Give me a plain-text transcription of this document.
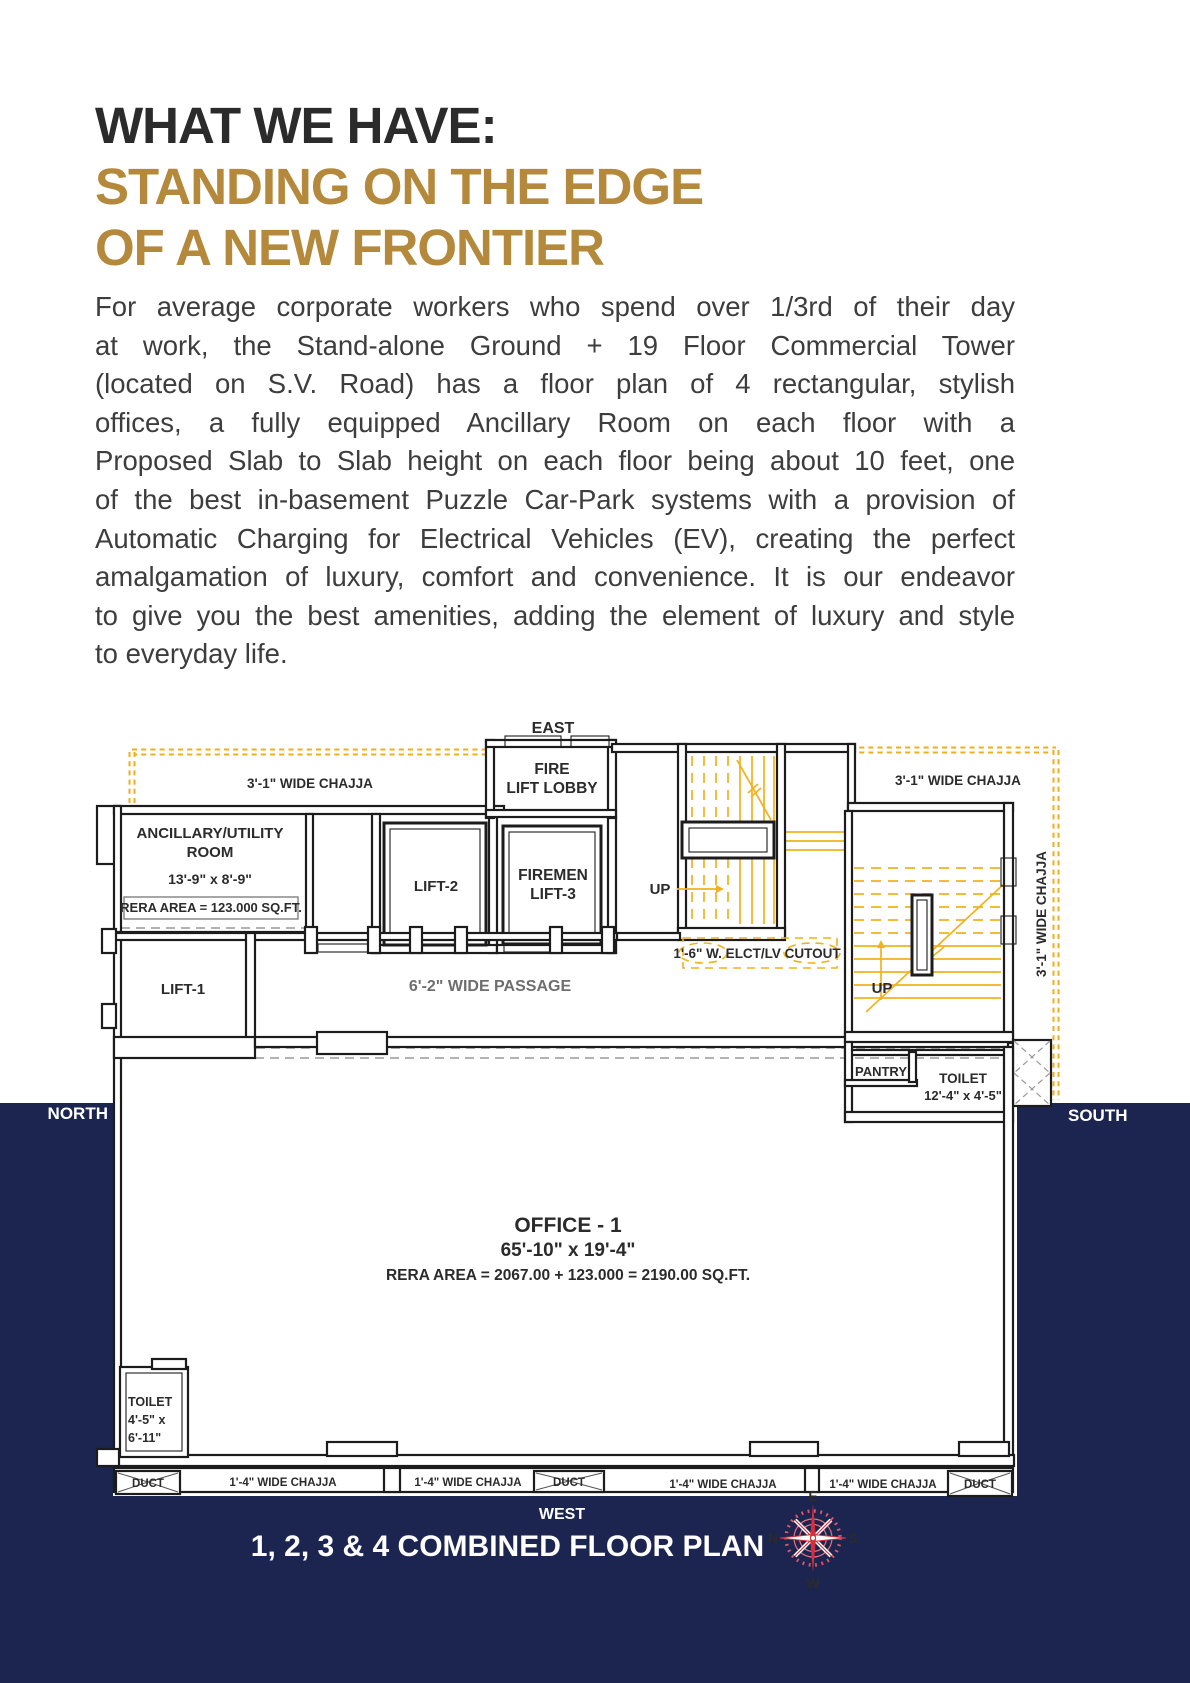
WHAT WE HAVE:
STANDING ON THE EDGE
OF A NEW FRONTIER
For average corporate workers who spend over 1/3rd of their day
at work, the Stand-alone Ground + 19 Floor Commercial Tower
(located on S.V. Road) has a floor plan of 4 rectangular, stylish
offices, a fully equipped Ancillary Room on each floor with a
Proposed Slab to Slab height on each floor being about 10 feet, one
of the best in-basement Puzzle Car-Park systems with a provision of
Automatic Charging for Electrical Vehicles (EV), creating the perfect
amalgamation of luxury, comfort and convenience. It is our endeavor
to give you the best amenities, adding the element of luxury and style
to everyday life.
EAST
3'-1" WIDE CHAJJA	3'-1" WIDE CHAJJA
3'-1" WIDE CHAJJA
ANCILLARY/UTILITY
ROOM
13'-9" x 8'-9"
RERA AREA = 123.000 SQ.FT.
FIRE
LIFT LOBBY
LIFT-2
FIREMEN
LIFT-3	UP
UP
1'-6" W. ELCT/LV CUTOUT
6'-2" WIDE PASSAGE
LIFT-1
PANTRY TOILET
12'-4" x 4'-5"
OFFICE - 1
65'-10" x 19'-4"
RERA AREA = 2067.00 + 123.000 = 2190.00 SQ.FT.
TOILET
4'-5" x
6'-11"
DUCT	DUCT	DUCT
1'-4" WIDE CHAJJA	1'-4" WIDE CHAJJA	1'-4" WIDE CHAJJA	1'-4" WIDE CHAJJA
NORTH	SOUTH
WEST
1, 2, 3 & 4 COMBINED FLOOR PLAN
E
N	S
W
